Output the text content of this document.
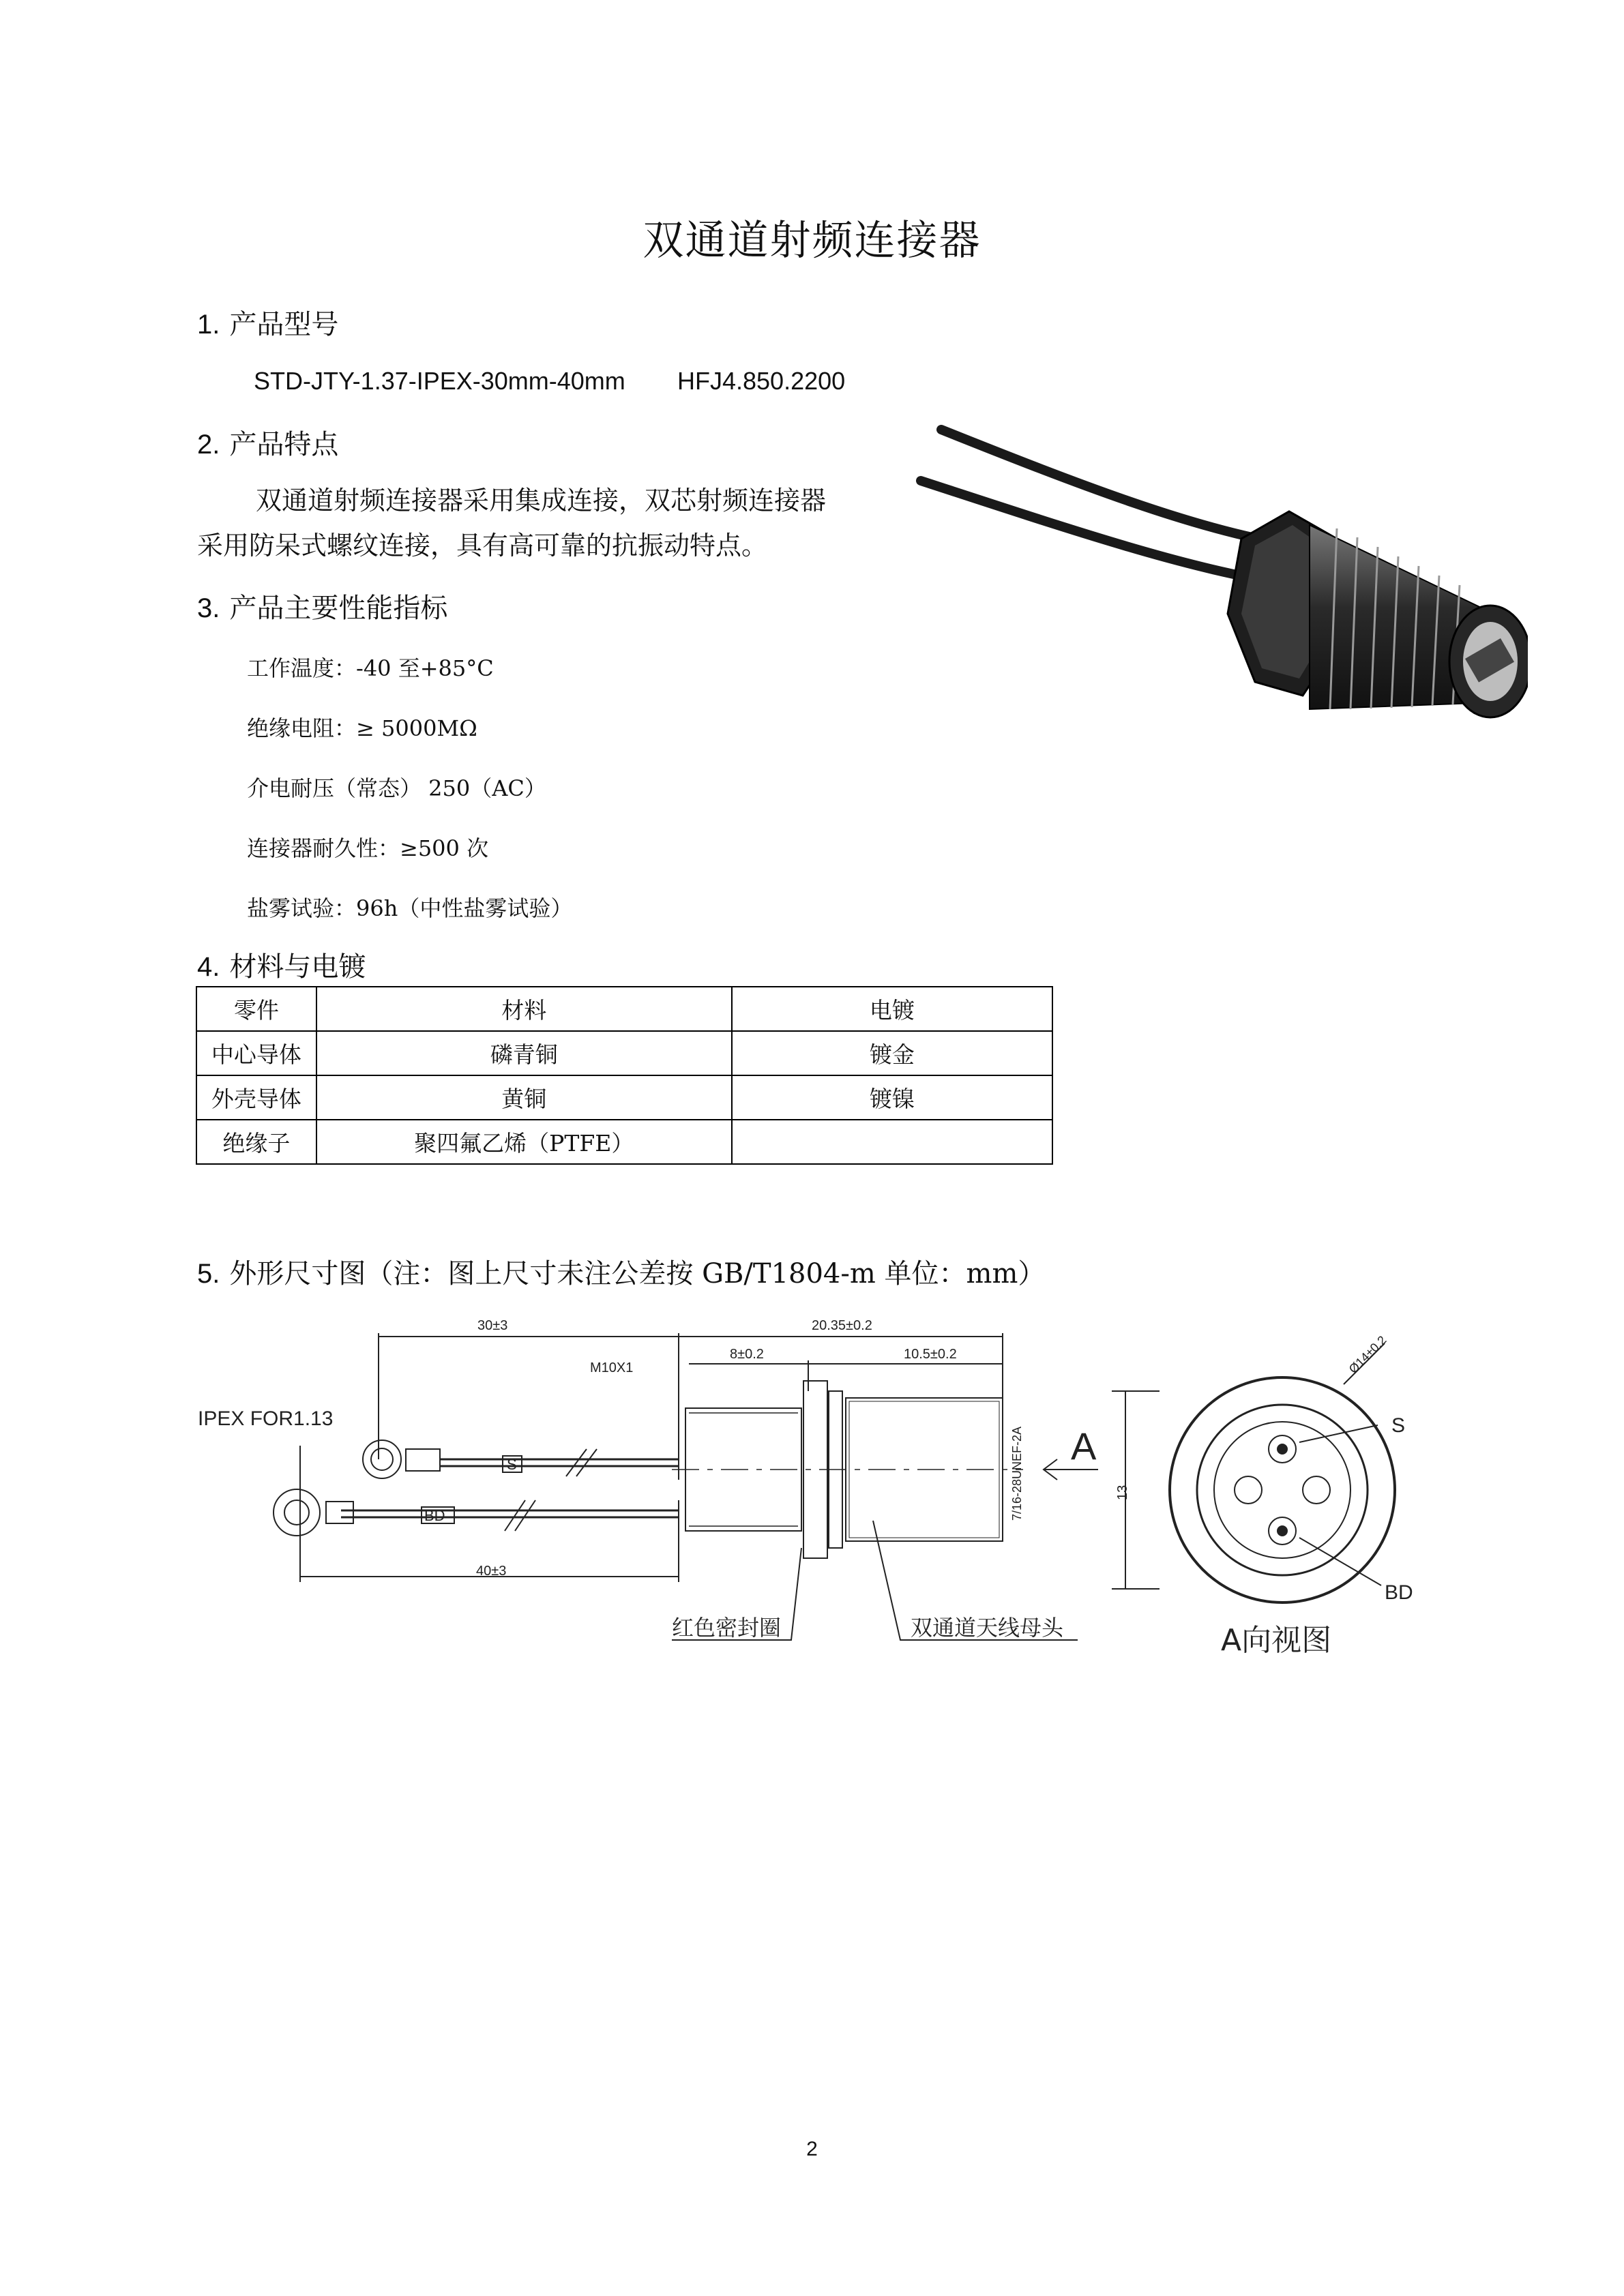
双通道射频连接器
1. 产品型号
STD-JTY-1.37-IPEX-30mm-40mm HFJ4.850.2200
2. 产品特点
双通道射频连接器采用集成连接，双芯射频连接器
采用防呆式螺纹连接，具有高可靠的抗振动特点。
3. 产品主要性能指标
工作温度：-40 至+85°C
绝缘电阻：≥ 5000MΩ
介电耐压（常态） 250（AC）
连接器耐久性：≥500 次
盐雾试验：96h（中性盐雾试验）
4. 材料与电镀
零件	材料	电镀
中心导体	磷青铜	镀金
外壳导体	黄铜	镀镍
绝缘子	聚四氟乙烯（PTFE）	
5. 外形尺寸图（注：图上尺寸未注公差按 GB/T1804-m 单位：mm）
30±3	20.35±0.2
M10X1
8±0.2	10.5±0.2
40±3
IPEX FOR1.13
S
BD	7/16-28UNEF-2A A
红色密封圈	双通道天线母头
13
S
BD
Ø14±0.2
A向视图
2
